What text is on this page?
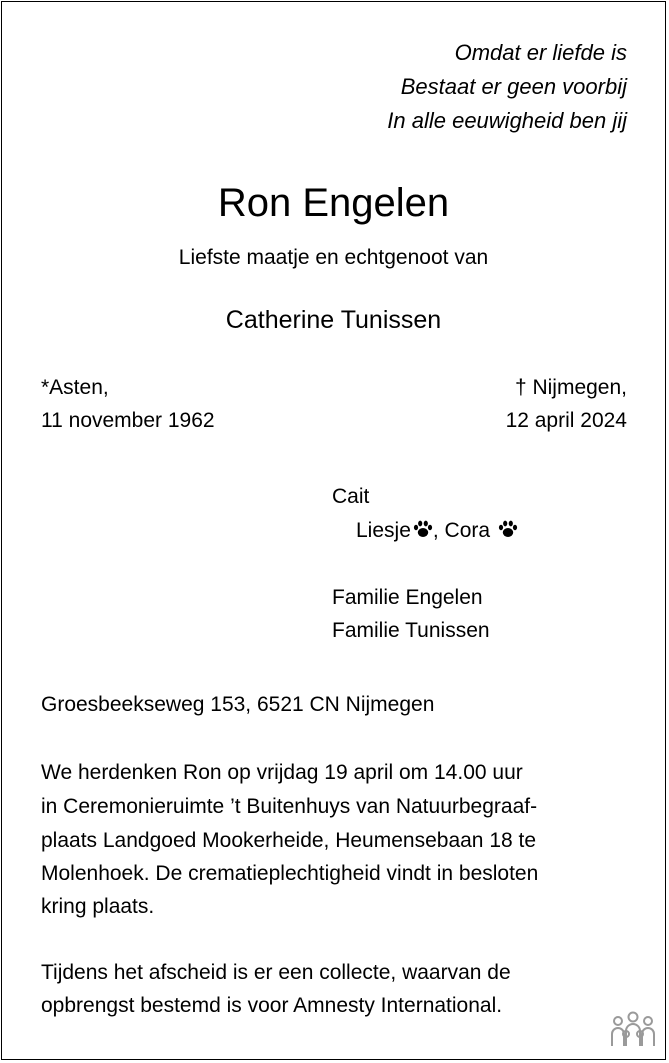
Omdat er liefde is
Bestaat er geen voorbij
In alle eeuwigheid ben jij
Ron Engelen
Liefste maatje en echtgenoot van
Catherine Tunissen
*Asten,
11 november 1962
† Nijmegen,
12 april 2024
Cait
Liesje , Cora
Familie Engelen
Familie Tunissen
Groesbeekseweg 153, 6521 CN Nijmegen
We herdenken Ron op vrijdag 19 april om 14.00 uur
in Ceremonieruimte ’t Buitenhuys van Natuurbegraaf-
plaats Landgoed Mookerheide, Heumensebaan 18 te
Molenhoek. De crematieplechtigheid vindt in besloten
kring plaats.
Tijdens het afscheid is er een collecte, waarvan de
opbrengst bestemd is voor Amnesty International.
